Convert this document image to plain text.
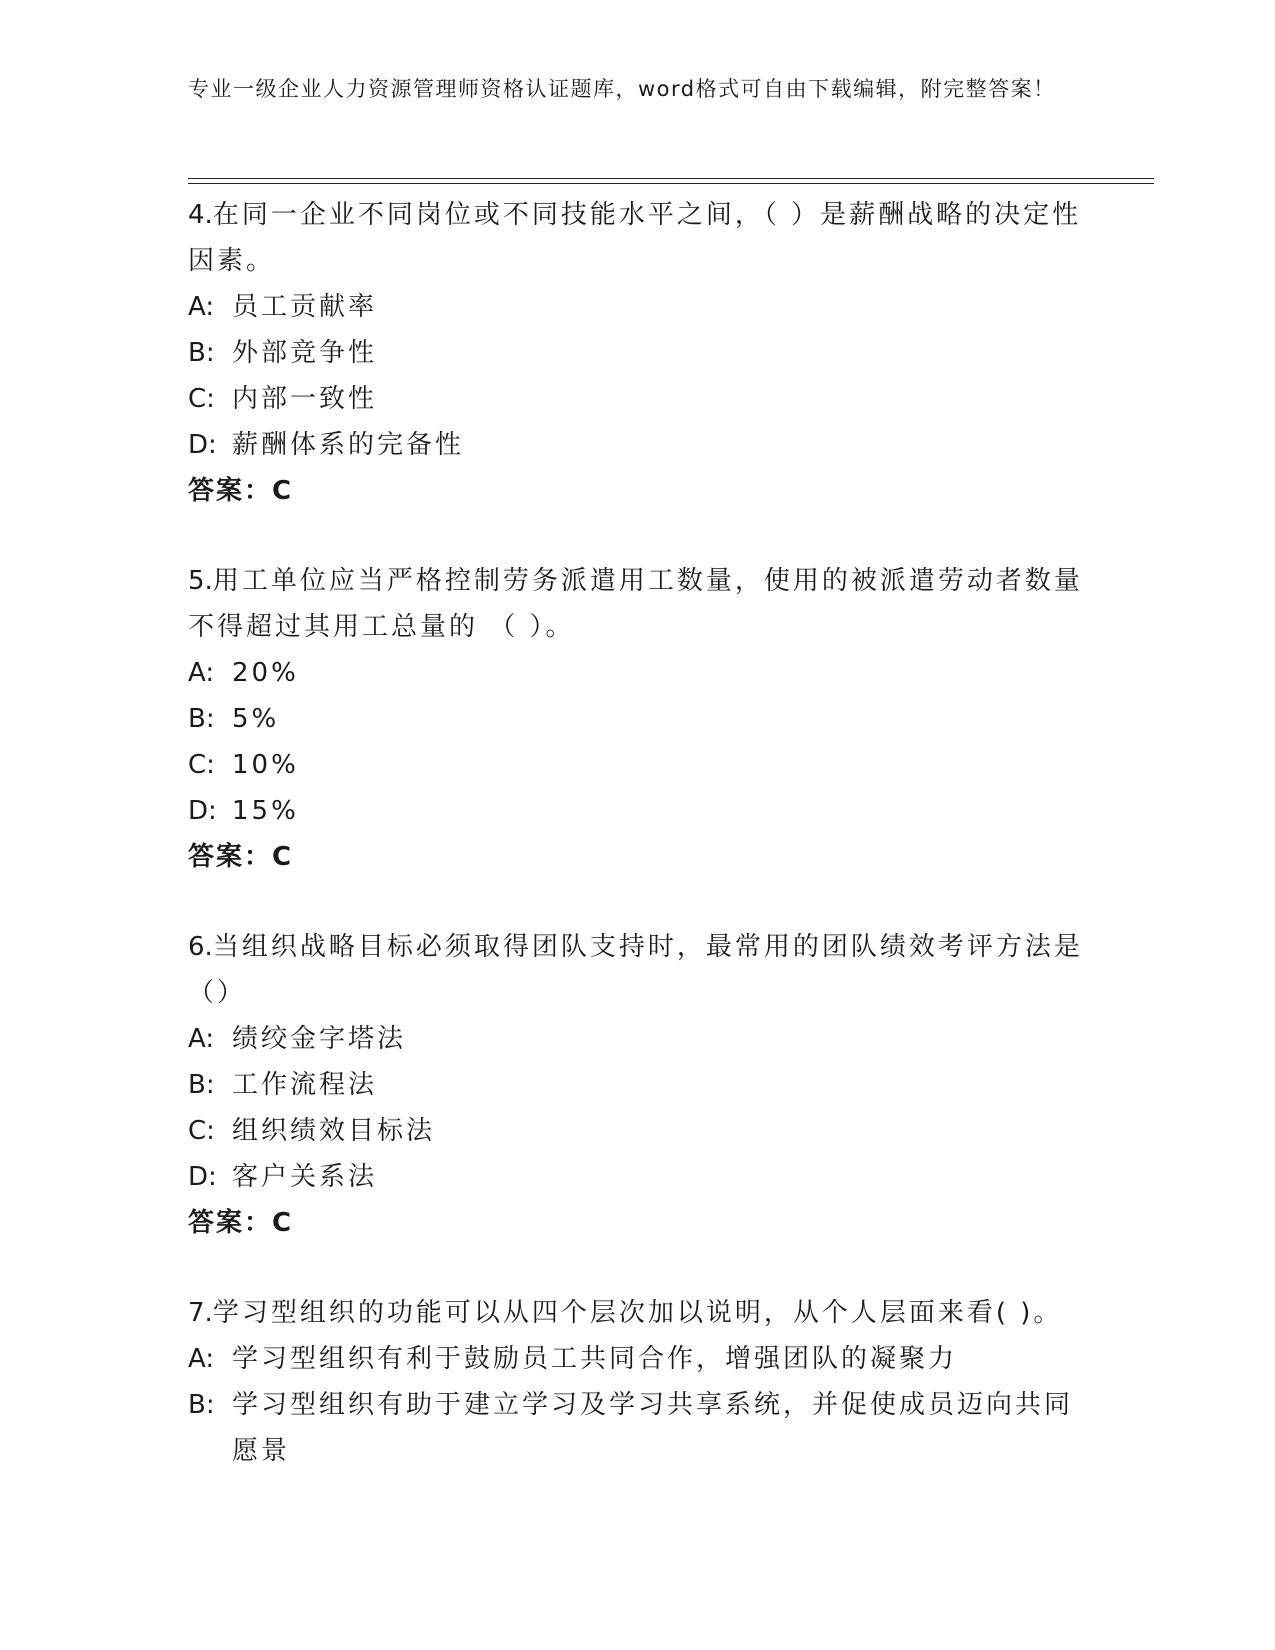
专业一级企业人力资源管理师资格认证题库，word格式可自由下载编辑，附完整答案！

4.在同一企业不同岗位或不同技能水平之间，（ ）是薪酬战略的决定性因素。

A: 员工贡献率

B: 外部竞争性

C: 内部一致性

D: 薪酬体系的完备性

答案：C

5.用工单位应当严格控制劳务派遣用工数量，使用的被派遣劳动者数量不得超过其用工总量的 （ ）。

A: 20%

B: 5%

C: 10%

D: 15%

答案：C

6.当组织战略目标必须取得团队支持时，最常用的团队绩效考评方法是（）

A: 绩绞金字塔法

B: 工作流程法

C: 组织绩效目标法

D: 客户关系法

答案：C

7.学习型组织的功能可以从四个层次加以说明，从个人层面来看( )。

A: 学习型组织有利于鼓励员工共同合作，增强团队的凝聚力

B: 学习型组织有助于建立学习及学习共享系统，并促使成员迈向共同愿景
